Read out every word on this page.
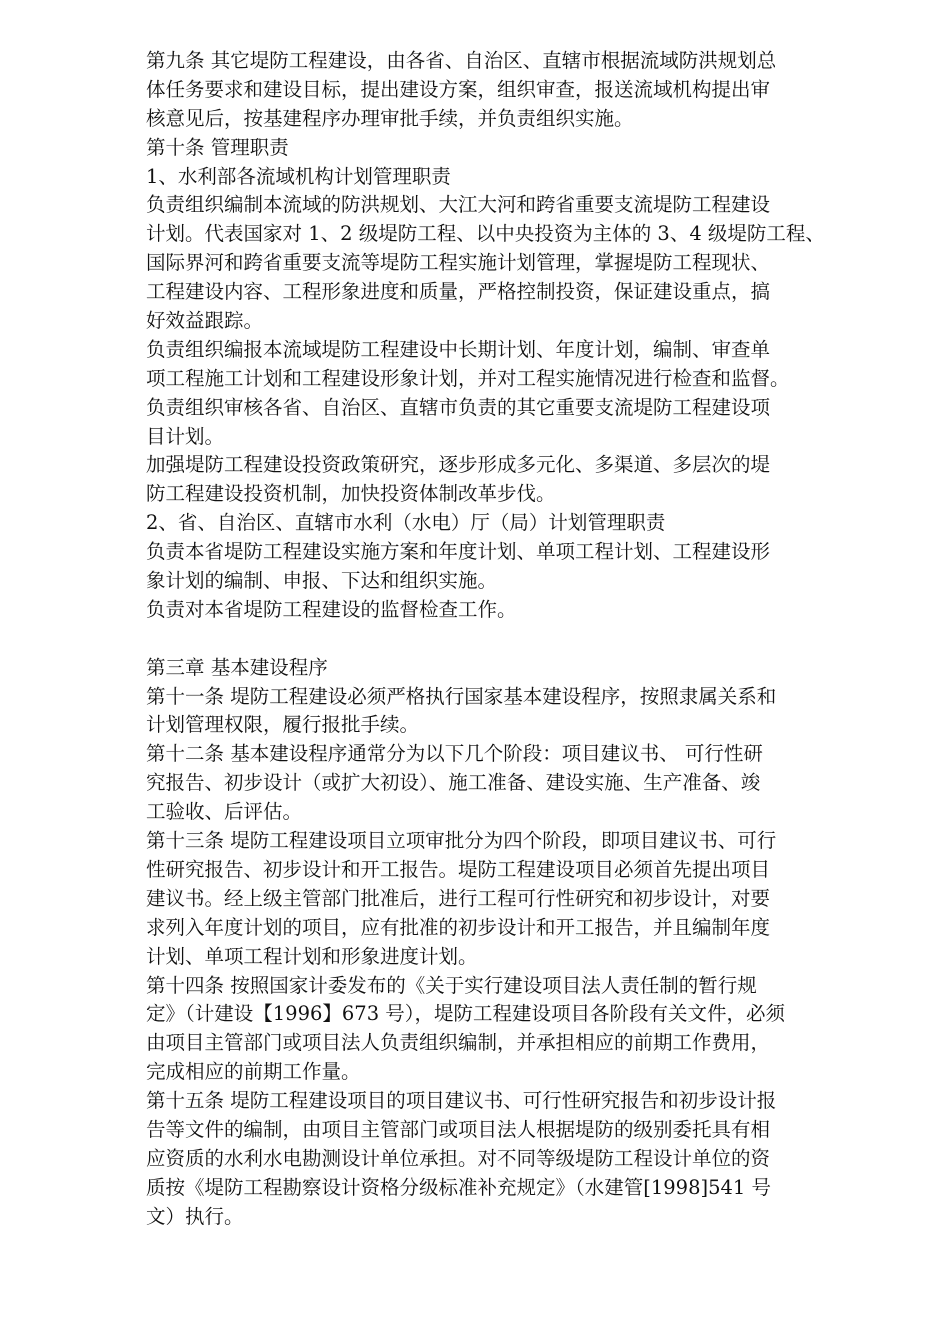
第九条 其它堤防工程建设，由各省、自治区、直辖市根据流域防洪规划总
体任务要求和建设目标，提出建设方案，组织审查，报送流域机构提出审
核意见后，按基建程序办理审批手续，并负责组织实施。
第十条 管理职责
1、水利部各流域机构计划管理职责
负责组织编制本流域的防洪规划、大江大河和跨省重要支流堤防工程建设
计划。代表国家对 1、2 级堤防工程、以中央投资为主体的 3、4 级堤防工程、
国际界河和跨省重要支流等堤防工程实施计划管理，掌握堤防工程现状、
工程建设内容、工程形象进度和质量，严格控制投资，保证建设重点，搞
好效益跟踪。
负责组织编报本流域堤防工程建设中长期计划、年度计划，编制、审查单
项工程施工计划和工程建设形象计划，并对工程实施情况进行检查和监督。
负责组织审核各省、自治区、直辖市负责的其它重要支流堤防工程建设项
目计划。
加强堤防工程建设投资政策研究，逐步形成多元化、多渠道、多层次的堤
防工程建设投资机制，加快投资体制改革步伐。
2、省、自治区、直辖市水利（水电）厅（局）计划管理职责
负责本省堤防工程建设实施方案和年度计划、单项工程计划、工程建设形
象计划的编制、申报、下达和组织实施。
负责对本省堤防工程建设的监督检查工作。
第三章 基本建设程序
第十一条 堤防工程建设必须严格执行国家基本建设程序，按照隶属关系和
计划管理权限，履行报批手续。
第十二条 基本建设程序通常分为以下几个阶段：项目建议书、 可行性研
究报告、初步设计（或扩大初设）、施工准备、建设实施、生产准备、竣
工验收、后评估。
第十三条 堤防工程建设项目立项审批分为四个阶段，即项目建议书、可行
性研究报告、初步设计和开工报告。堤防工程建设项目必须首先提出项目
建议书。经上级主管部门批准后，进行工程可行性研究和初步设计，对要
求列入年度计划的项目，应有批准的初步设计和开工报告，并且编制年度
计划、单项工程计划和形象进度计划。
第十四条 按照国家计委发布的《关于实行建设项目法人责任制的暂行规
定》（计建设【1996】673 号），堤防工程建设项目各阶段有关文件，必须
由项目主管部门或项目法人负责组织编制，并承担相应的前期工作费用，
完成相应的前期工作量。
第十五条 堤防工程建设项目的项目建议书、可行性研究报告和初步设计报
告等文件的编制，由项目主管部门或项目法人根据堤防的级别委托具有相
应资质的水利水电勘测设计单位承担。对不同等级堤防工程设计单位的资
质按《堤防工程勘察设计资格分级标准补充规定》（水建管[1998]541 号
文）执行。
